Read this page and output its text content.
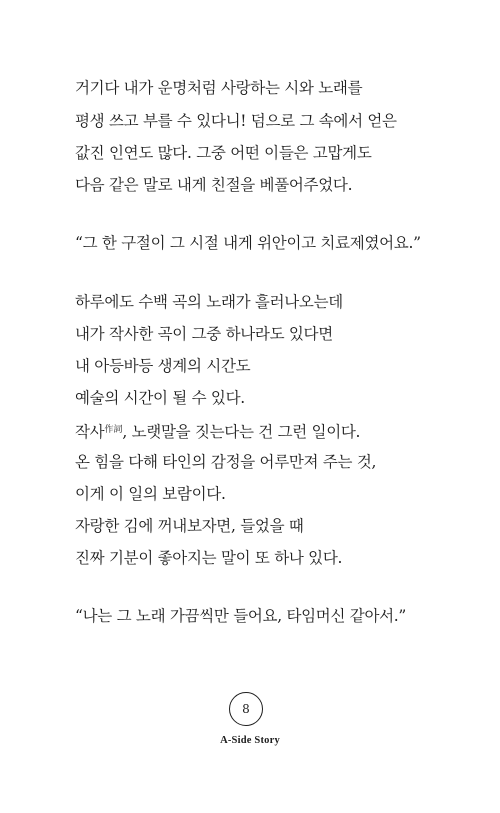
거기다 내가 운명처럼 사랑하는 시와 노래를
평생 쓰고 부를 수 있다니! 덤으로 그 속에서 얻은
값진 인연도 많다. 그중 어떤 이들은 고맙게도
다음 같은 말로 내게 친절을 베풀어주었다.
“그 한 구절이 그 시절 내게 위안이고 치료제였어요.”
하루에도 수백 곡의 노래가 흘러나오는데
내가 작사한 곡이 그중 하나라도 있다면
내 아등바등 생계의 시간도
예술의 시간이 될 수 있다.
작사$^{作詞}$, 노랫말을 짓는다는 건 그런 일이다.
온 힘을 다해 타인의 감정을 어루만져 주는 것,
이게 이 일의 보람이다.
자랑한 김에 꺼내보자면, 들었을 때
진짜 기분이 좋아지는 말이 또 하나 있다.
“나는 그 노래 가끔씩만 들어요, 타임머신 같아서.”
8
A-Side Story
